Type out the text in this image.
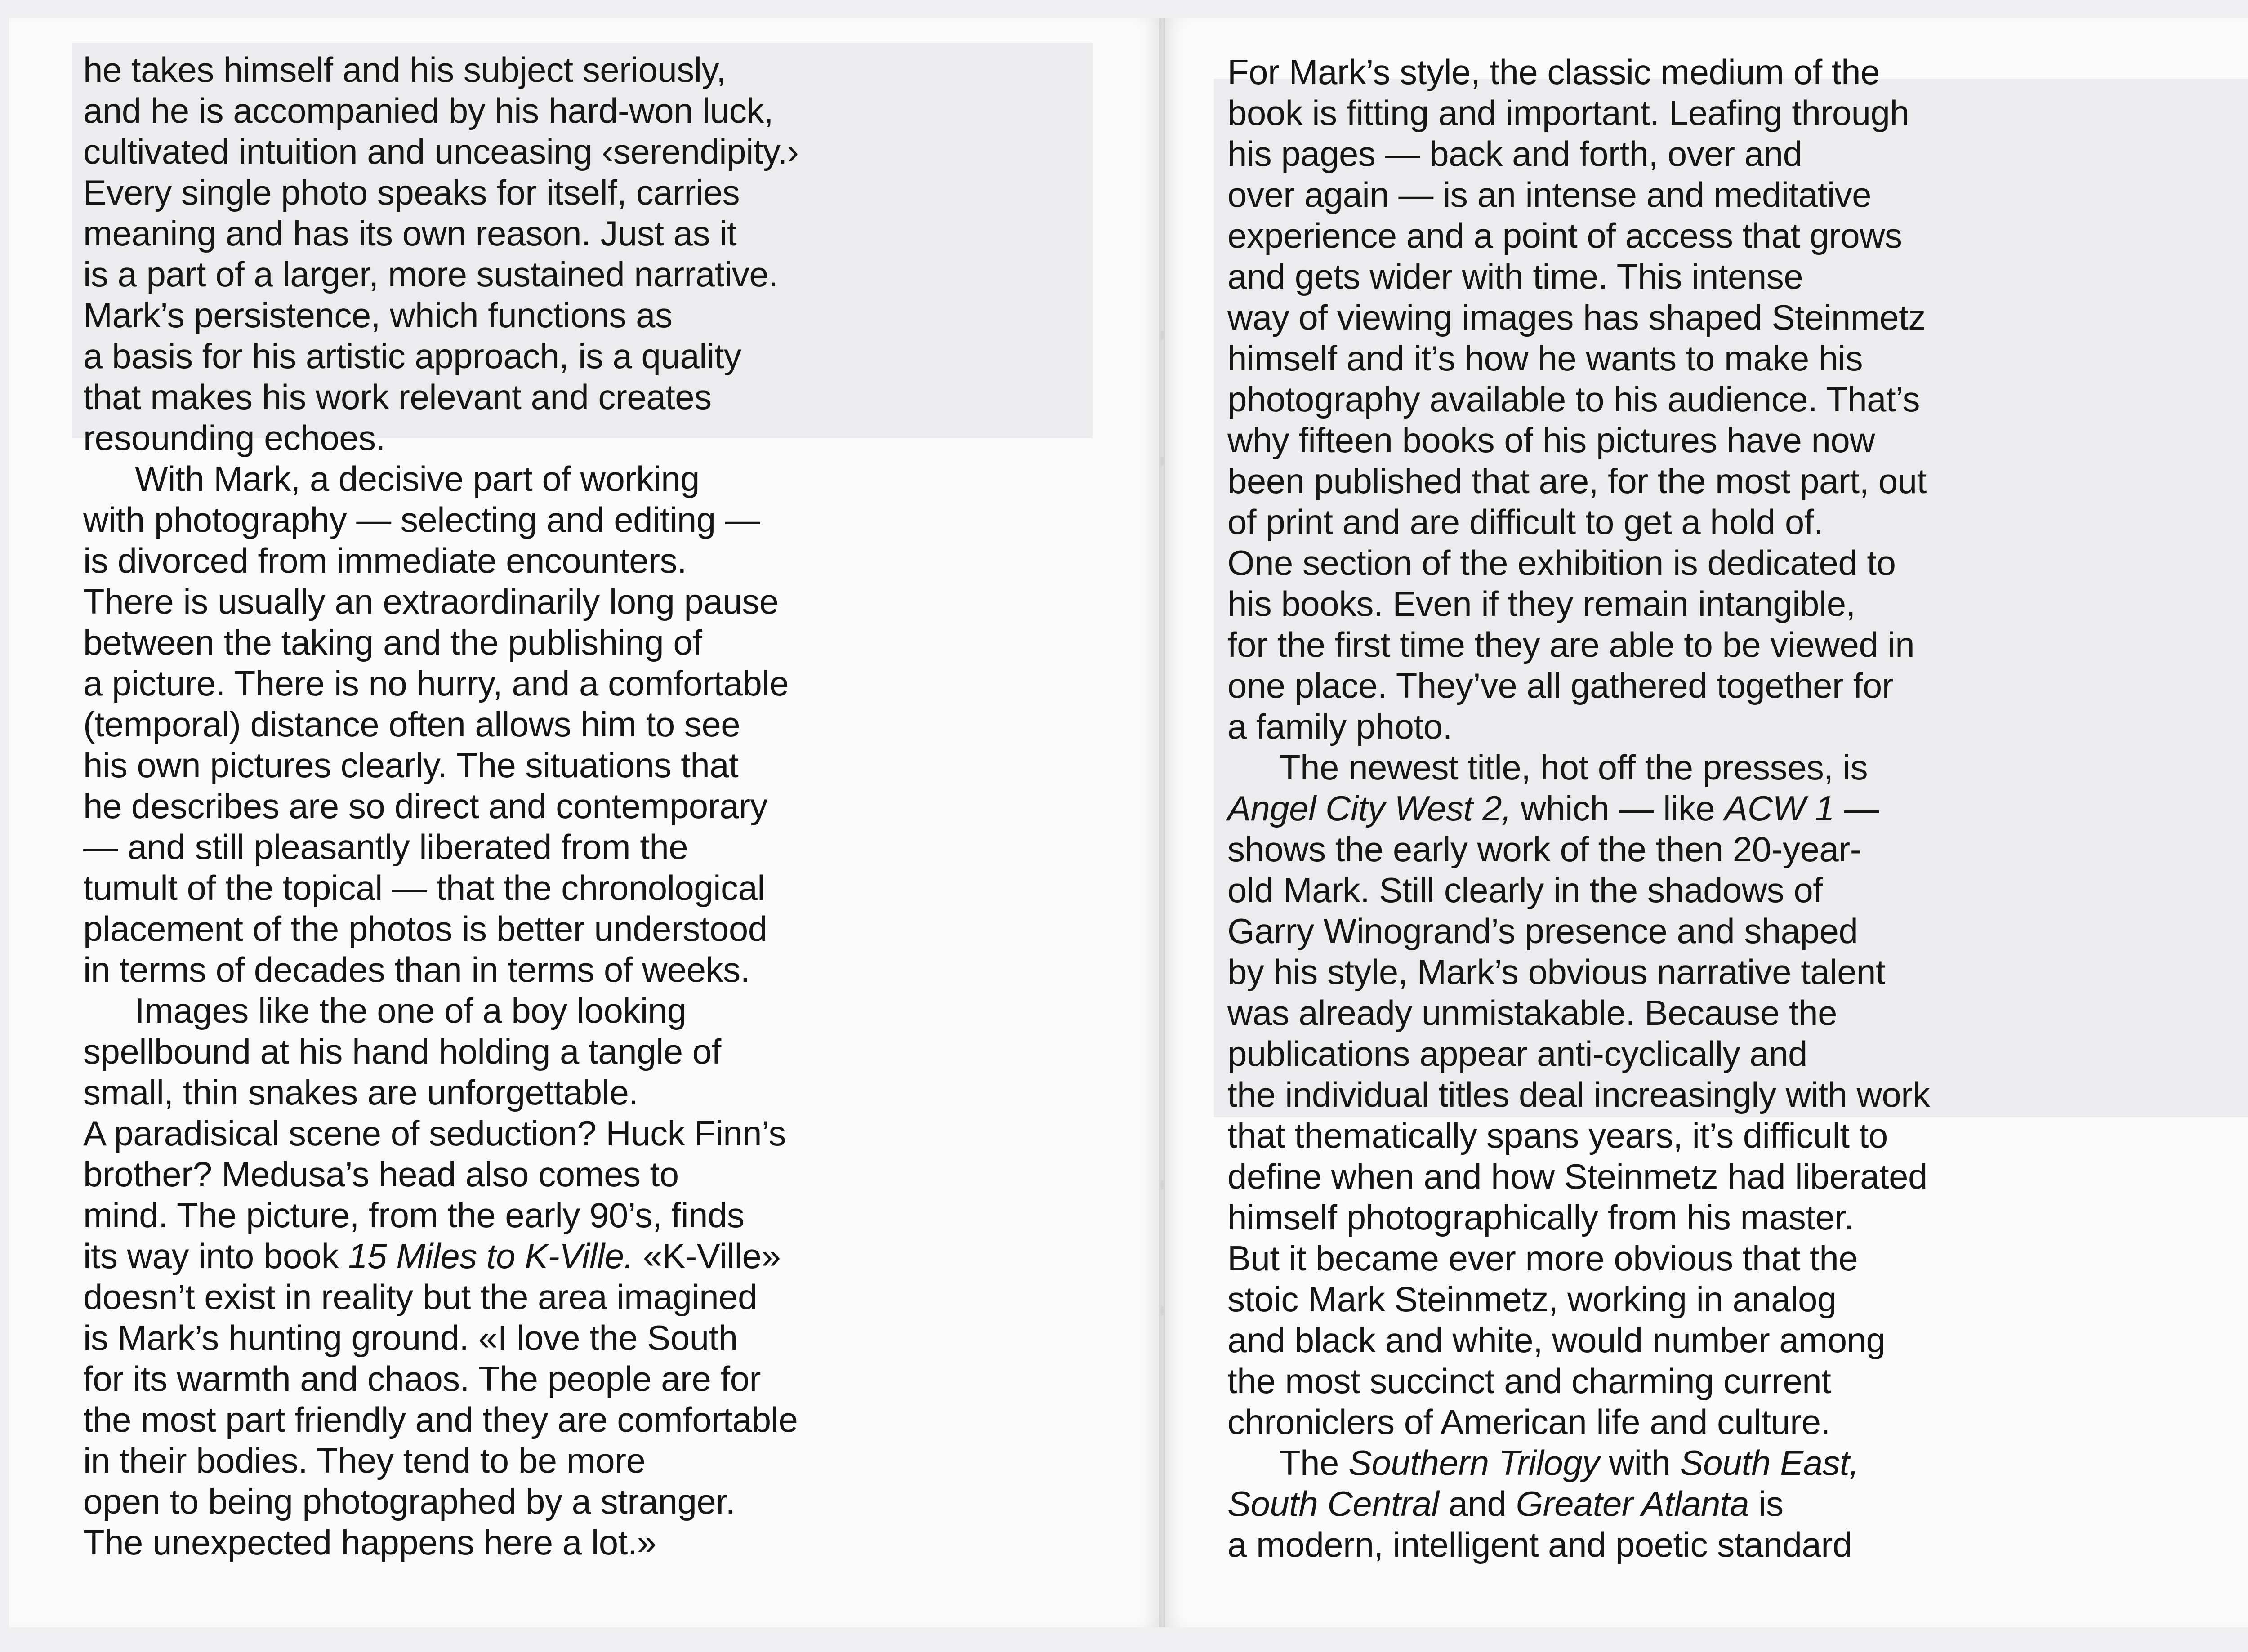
he takes himself and his subject seriously,
and he is accompanied by his hard-won luck,
cultivated intuition and unceasing ‹serendipity.›
Every single photo speaks for itself, carries
meaning and has its own reason. Just as it
is a part of a larger, more sustained narrative.
Mark’s persistence, which functions as
a basis for his artistic approach, is a quality
that makes his work relevant and creates
resounding echoes.
With Mark, a decisive part of working
with photography — selecting and editing —
is divorced from immediate encounters.
There is usually an extraordinarily long pause
between the taking and the publishing of
a picture. There is no hurry, and a comfortable
(temporal) distance often allows him to see
his own pictures clearly. The situations that
he describes are so direct and contemporary
— and still pleasantly liberated from the
tumult of the topical — that the chronological
placement of the photos is better understood
in terms of decades than in terms of weeks.
Images like the one of a boy looking
spellbound at his hand holding a tangle of
small, thin snakes are unforgettable.
A paradisical scene of seduction? Huck Finn’s
brother? Medusa’s head also comes to
mind. The picture, from the early 90’s, finds
its way into book 15 Miles to K-Ville. «K-Ville»
doesn’t exist in reality but the area imagined
is Mark’s hunting ground. «I love the South
for its warmth and chaos. The people are for
the most part friendly and they are comfortable
in their bodies. They tend to be more
open to being photographed by a stranger.
The unexpected happens here a lot.»
For Mark’s style, the classic medium of the
book is fitting and important. Leafing through
his pages — back and forth, over and
over again — is an intense and meditative
experience and a point of access that grows
and gets wider with time. This intense
way of viewing images has shaped Steinmetz
himself and it’s how he wants to make his
photography available to his audience. That’s
why fifteen books of his pictures have now
been published that are, for the most part, out
of print and are difficult to get a hold of.
One section of the exhibition is dedicated to
his books. Even if they remain intangible,
for the first time they are able to be viewed in
one place. They’ve all gathered together for
a family photo.
The newest title, hot off the presses, is
Angel City West 2, which — like ACW 1 —
shows the early work of the then 20-year-
old Mark. Still clearly in the shadows of
Garry Winogrand’s presence and shaped
by his style, Mark’s obvious narrative talent
was already unmistakable. Because the
publications appear anti-cyclically and
the individual titles deal increasingly with work
that thematically spans years, it’s difficult to
define when and how Steinmetz had liberated
himself photographically from his master.
But it became ever more obvious that the
stoic Mark Steinmetz, working in analog
and black and white, would number among
the most succinct and charming current
chroniclers of American life and culture.
The Southern Trilogy with South East,
South Central and Greater Atlanta is
a modern, intelligent and poetic standard
